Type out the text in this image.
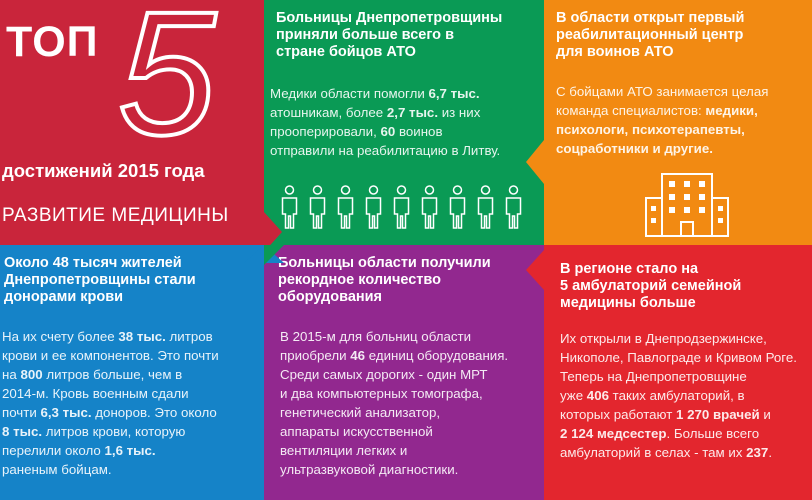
ТОП 5
достижений 2015 года
РАЗВИТИЕ МЕДИЦИНЫ
Больницы Днепропетровщины
приняли больше всего в
стране бойцов АТО
Медики области помогли 6,7 тыс.
атошникам, более 2,7 тыс. из них
прооперировали, 60 воинов
отправили на реабилитацию в Литву.
В области открыт первый
реабилитационный центр
для воинов АТО
С бойцами АТО занимается целая
команда специалистов: медики,
психологи, психотерапевты,
соцработники и другие.
Около 48 тысяч жителей
Днепропетровщины стали
донорами крови
На их счету более 38 тыс. литров
крови и ее компонентов. Это почти
на 800 литров больше, чем в
2014-м. Кровь военным сдали
почти 6,3 тыс. доноров. Это около
8 тыс. литров крови, которую
перелили около 1,6 тыс.
раненым бойцам.
Больницы области получили
рекордное количество
оборудования
В 2015-м для больниц области
приобрели 46 единиц оборудования.
Среди самых дорогих - один МРТ
и два компьютерных томографа,
генетический анализатор,
аппараты искусственной
вентиляции легких и
ультразвуковой диагностики.
В регионе стало на
5 амбулаторий семейной
медицины больше
Их открыли в Днепродзержинске,
Никополе, Павлограде и Кривом Роге.
Теперь на Днепропетровщине
уже 406 таких амбулаторий, в
которых работают 1 270 врачей и
2 124 медсестер. Больше всего
амбулаторий в селах - там их 237.
